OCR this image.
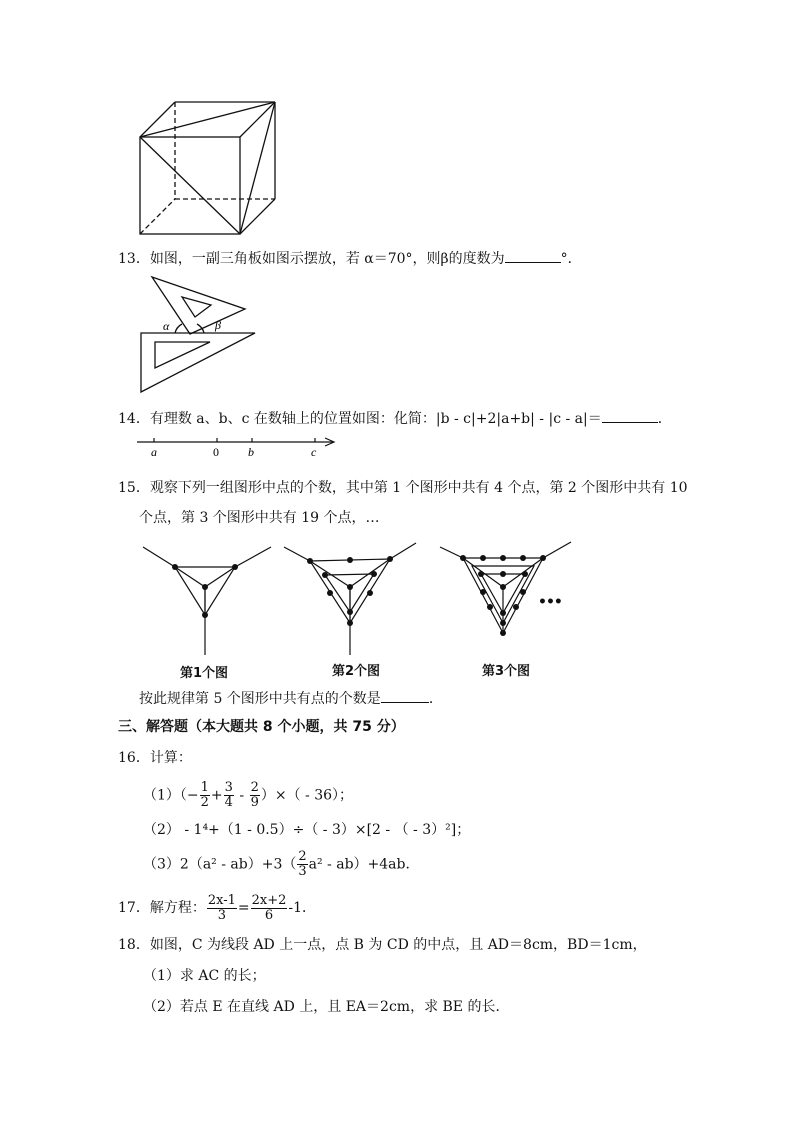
13．如图，一副三角板如图示摆放，若 α＝70°，则β的度数为	°．
α	β
14．有理数 a、b、c 在数轴上的位置如图：化简：|b - c|+2|a+b| - |c - a|＝	．
a	0 b	c
15．观察下列一组图形中点的个数，其中第 1 个图形中共有 4 个点，第 2 个图形中共有 10
个点，第 3 个图形中共有 19 个点，…
第1个图	第2个图	第3个图
•••
按此规律第 5 个图形中共有点的个数是	．
三、解答题（本大题共 8 个小题，共 75 分）
16．计算：
$(1)(- \frac{1}{2} + \frac{3}{4} - \frac{2}{9}$ ）×（ - 36）；
（2） - 1⁴+（1 - 0.5）÷（ - 3）×[2 - （ - 3）²]；
$(3)2(a^2 - ab)+3( \frac{2}{3} a^2 - ab)+4ab$．
17．解方程： $\frac{2x-1}{3} = \frac{2x+2}{6} -1$．
18．如图，C 为线段 AD 上一点，点 B 为 CD 的中点，且 AD＝8cm，BD＝1cm，
（1）求 AC 的长；
（2）若点 E 在直线 AD 上，且 EA＝2cm，求 BE 的长．
